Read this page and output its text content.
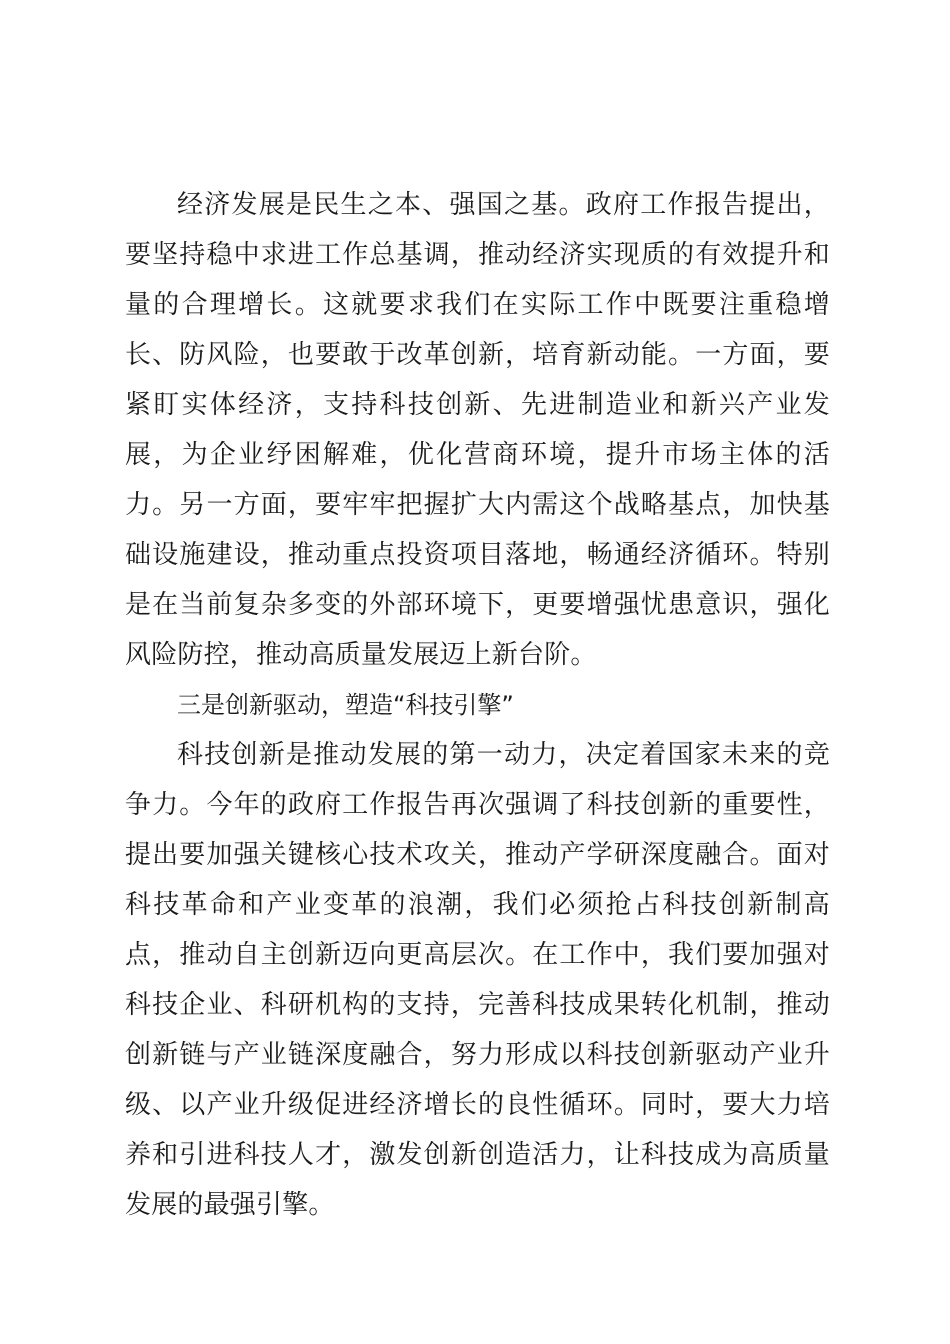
经济发展是民生之本、强国之基。政府工作报告提出，要坚持稳中求进工作总基调，推动经济实现质的有效提升和量的合理增长。这就要求我们在实际工作中既要注重稳增长、防风险，也要敢于改革创新，培育新动能。一方面，要紧盯实体经济，支持科技创新、先进制造业和新兴产业发展，为企业纾困解难，优化营商环境，提升市场主体的活力。另一方面，要牢牢把握扩大内需这个战略基点，加快基础设施建设，推动重点投资项目落地，畅通经济循环。特别是在当前复杂多变的外部环境下，更要增强忧患意识，强化风险防控，推动高质量发展迈上新台阶。

三是创新驱动，塑造“科技引擎”

科技创新是推动发展的第一动力，决定着国家未来的竞争力。今年的政府工作报告再次强调了科技创新的重要性，提出要加强关键核心技术攻关，推动产学研深度融合。面对科技革命和产业变革的浪潮，我们必须抢占科技创新制高点，推动自主创新迈向更高层次。在工作中，我们要加强对科技企业、科研机构的支持，完善科技成果转化机制，推动创新链与产业链深度融合，努力形成以科技创新驱动产业升级、以产业升级促进经济增长的良性循环。同时，要大力培养和引进科技人才，激发创新创造活力，让科技成为高质量发展的最强引擎。
